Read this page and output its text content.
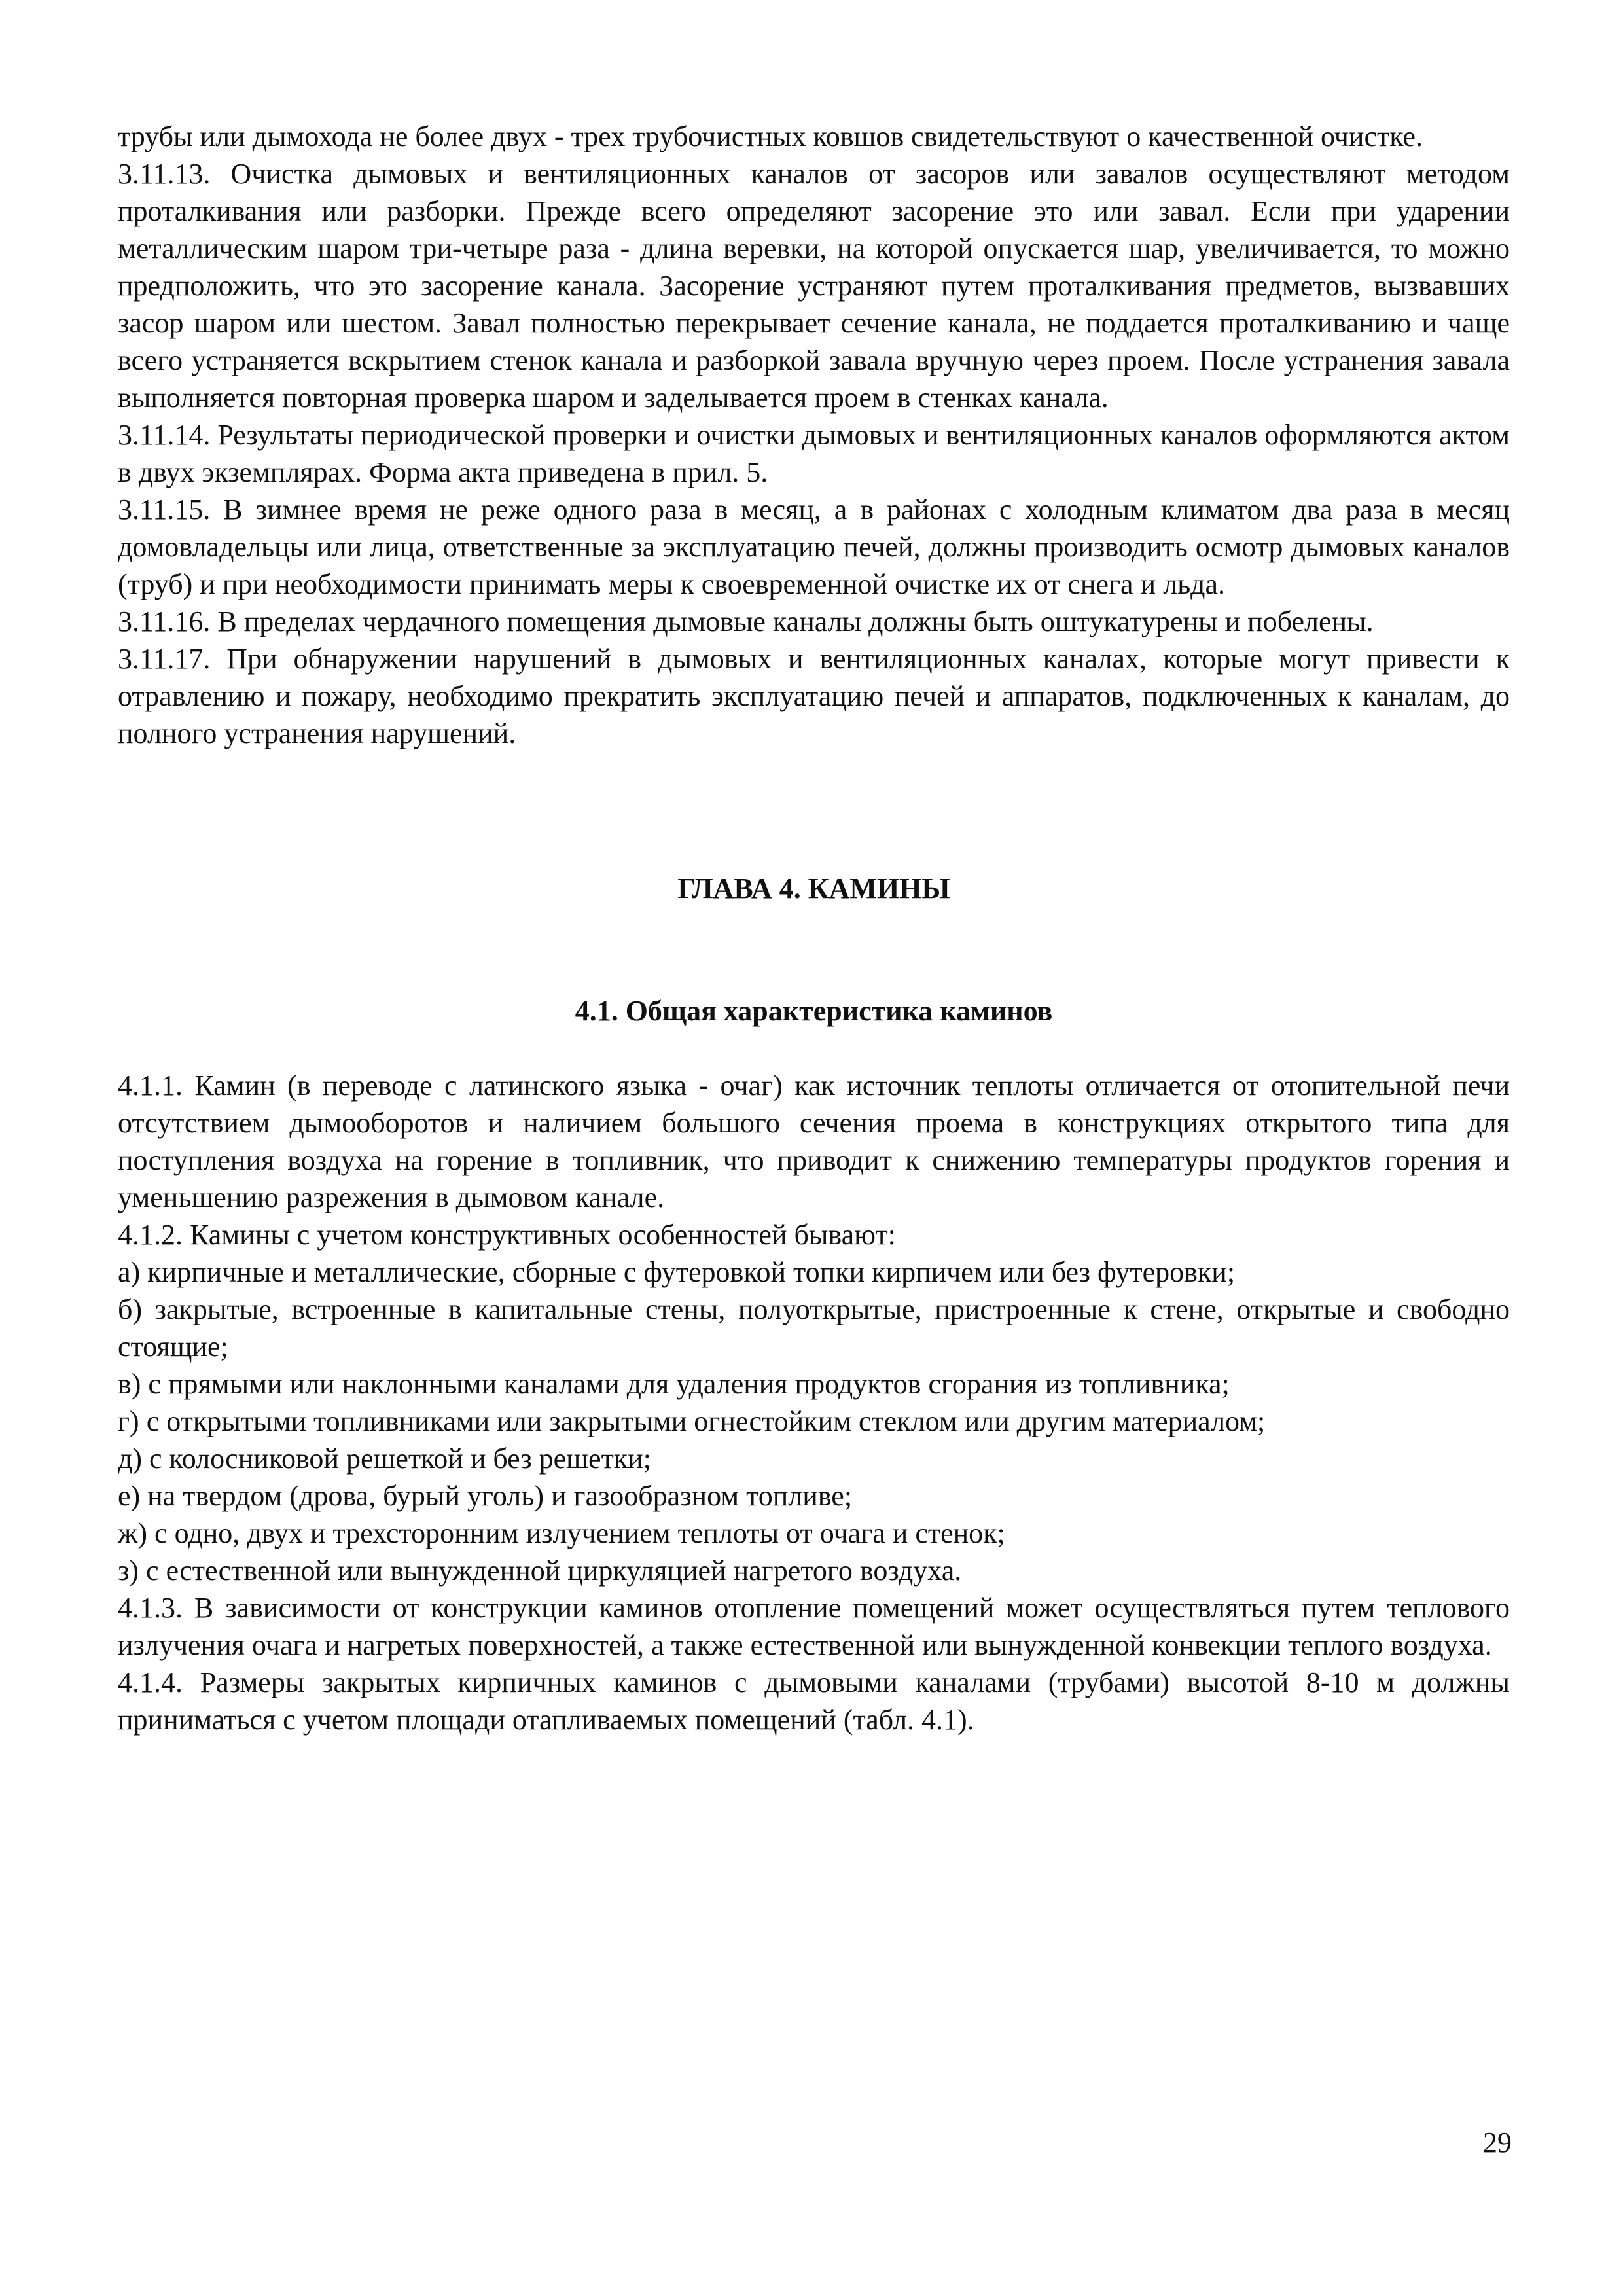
трубы или дымохода не более двух - трех трубочистных ковшов свидетельствуют о качественной очистке.

3.11.13. Очистка дымовых и вентиляционных каналов от засоров или завалов осуществляют методом проталкивания или разборки. Прежде всего определяют засорение это или завал. Если при ударении металлическим шаром три-четыре раза - длина веревки, на которой опускается шар, увеличивается, то можно предположить, что это засорение канала. Засорение устраняют путем проталкивания предметов, вызвавших засор шаром или шестом. Завал полностью перекрывает сечение канала, не поддается проталкиванию и чаще всего устраняется вскрытием стенок канала и разборкой завала вручную через проем. После устранения завала выполняется повторная проверка шаром и заделывается проем в стенках канала.

3.11.14. Результаты периодической проверки и очистки дымовых и вентиляционных каналов оформляются актом в двух экземплярах. Форма акта приведена в прил. 5.

3.11.15. В зимнее время не реже одного раза в месяц, а в районах с холодным климатом два раза в месяц домовладельцы или лица, ответственные за эксплуатацию печей, должны производить осмотр дымовых каналов (труб) и при необходимости принимать меры к своевременной очистке их от снега и льда.

3.11.16. В пределах чердачного помещения дымовые каналы должны быть оштукатурены и побелены.

3.11.17. При обнаружении нарушений в дымовых и вентиляционных каналах, которые могут привести к отравлению и пожару, необходимо прекратить эксплуатацию печей и аппаратов, подключенных к каналам, до полного устранения нарушений.

ГЛАВА 4. КАМИНЫ
4.1. Общая характеристика каминов

4.1.1. Камин (в переводе с латинского языка - очаг) как источник теплоты отличается от отопительной печи отсутствием дымооборотов и наличием большого сечения проема в конструкциях открытого типа для поступления воздуха на горение в топливник, что приводит к снижению температуры продуктов горения и уменьшению разрежения в дымовом канале.

4.1.2. Камины с учетом конструктивных особенностей бывают:

а) кирпичные и металлические, сборные с футеровкой топки кирпичем или без футеровки;

б) закрытые, встроенные в капитальные стены, полуоткрытые, пристроенные к стене, открытые и свободно стоящие;

в) с прямыми или наклонными каналами для удаления продуктов сгорания из топливника;

г) с открытыми топливниками или закрытыми огнестойким стеклом или другим материалом;

д) с колосниковой решеткой и без решетки;

е) на твердом (дрова, бурый уголь) и газообразном топливе;

ж) с одно, двух и трехсторонним излучением теплоты от очага и стенок;

з) с естественной или вынужденной циркуляцией нагретого воздуха.

4.1.3. В зависимости от конструкции каминов отопление помещений может осуществляться путем теплового излучения очага и нагретых поверхностей, а также естественной или вынужденной конвекции теплого воздуха.

4.1.4. Размеры закрытых кирпичных каминов с дымовыми каналами (трубами) высотой 8-10 м должны приниматься с учетом площади отапливаемых помещений (табл. 4.1).

29
